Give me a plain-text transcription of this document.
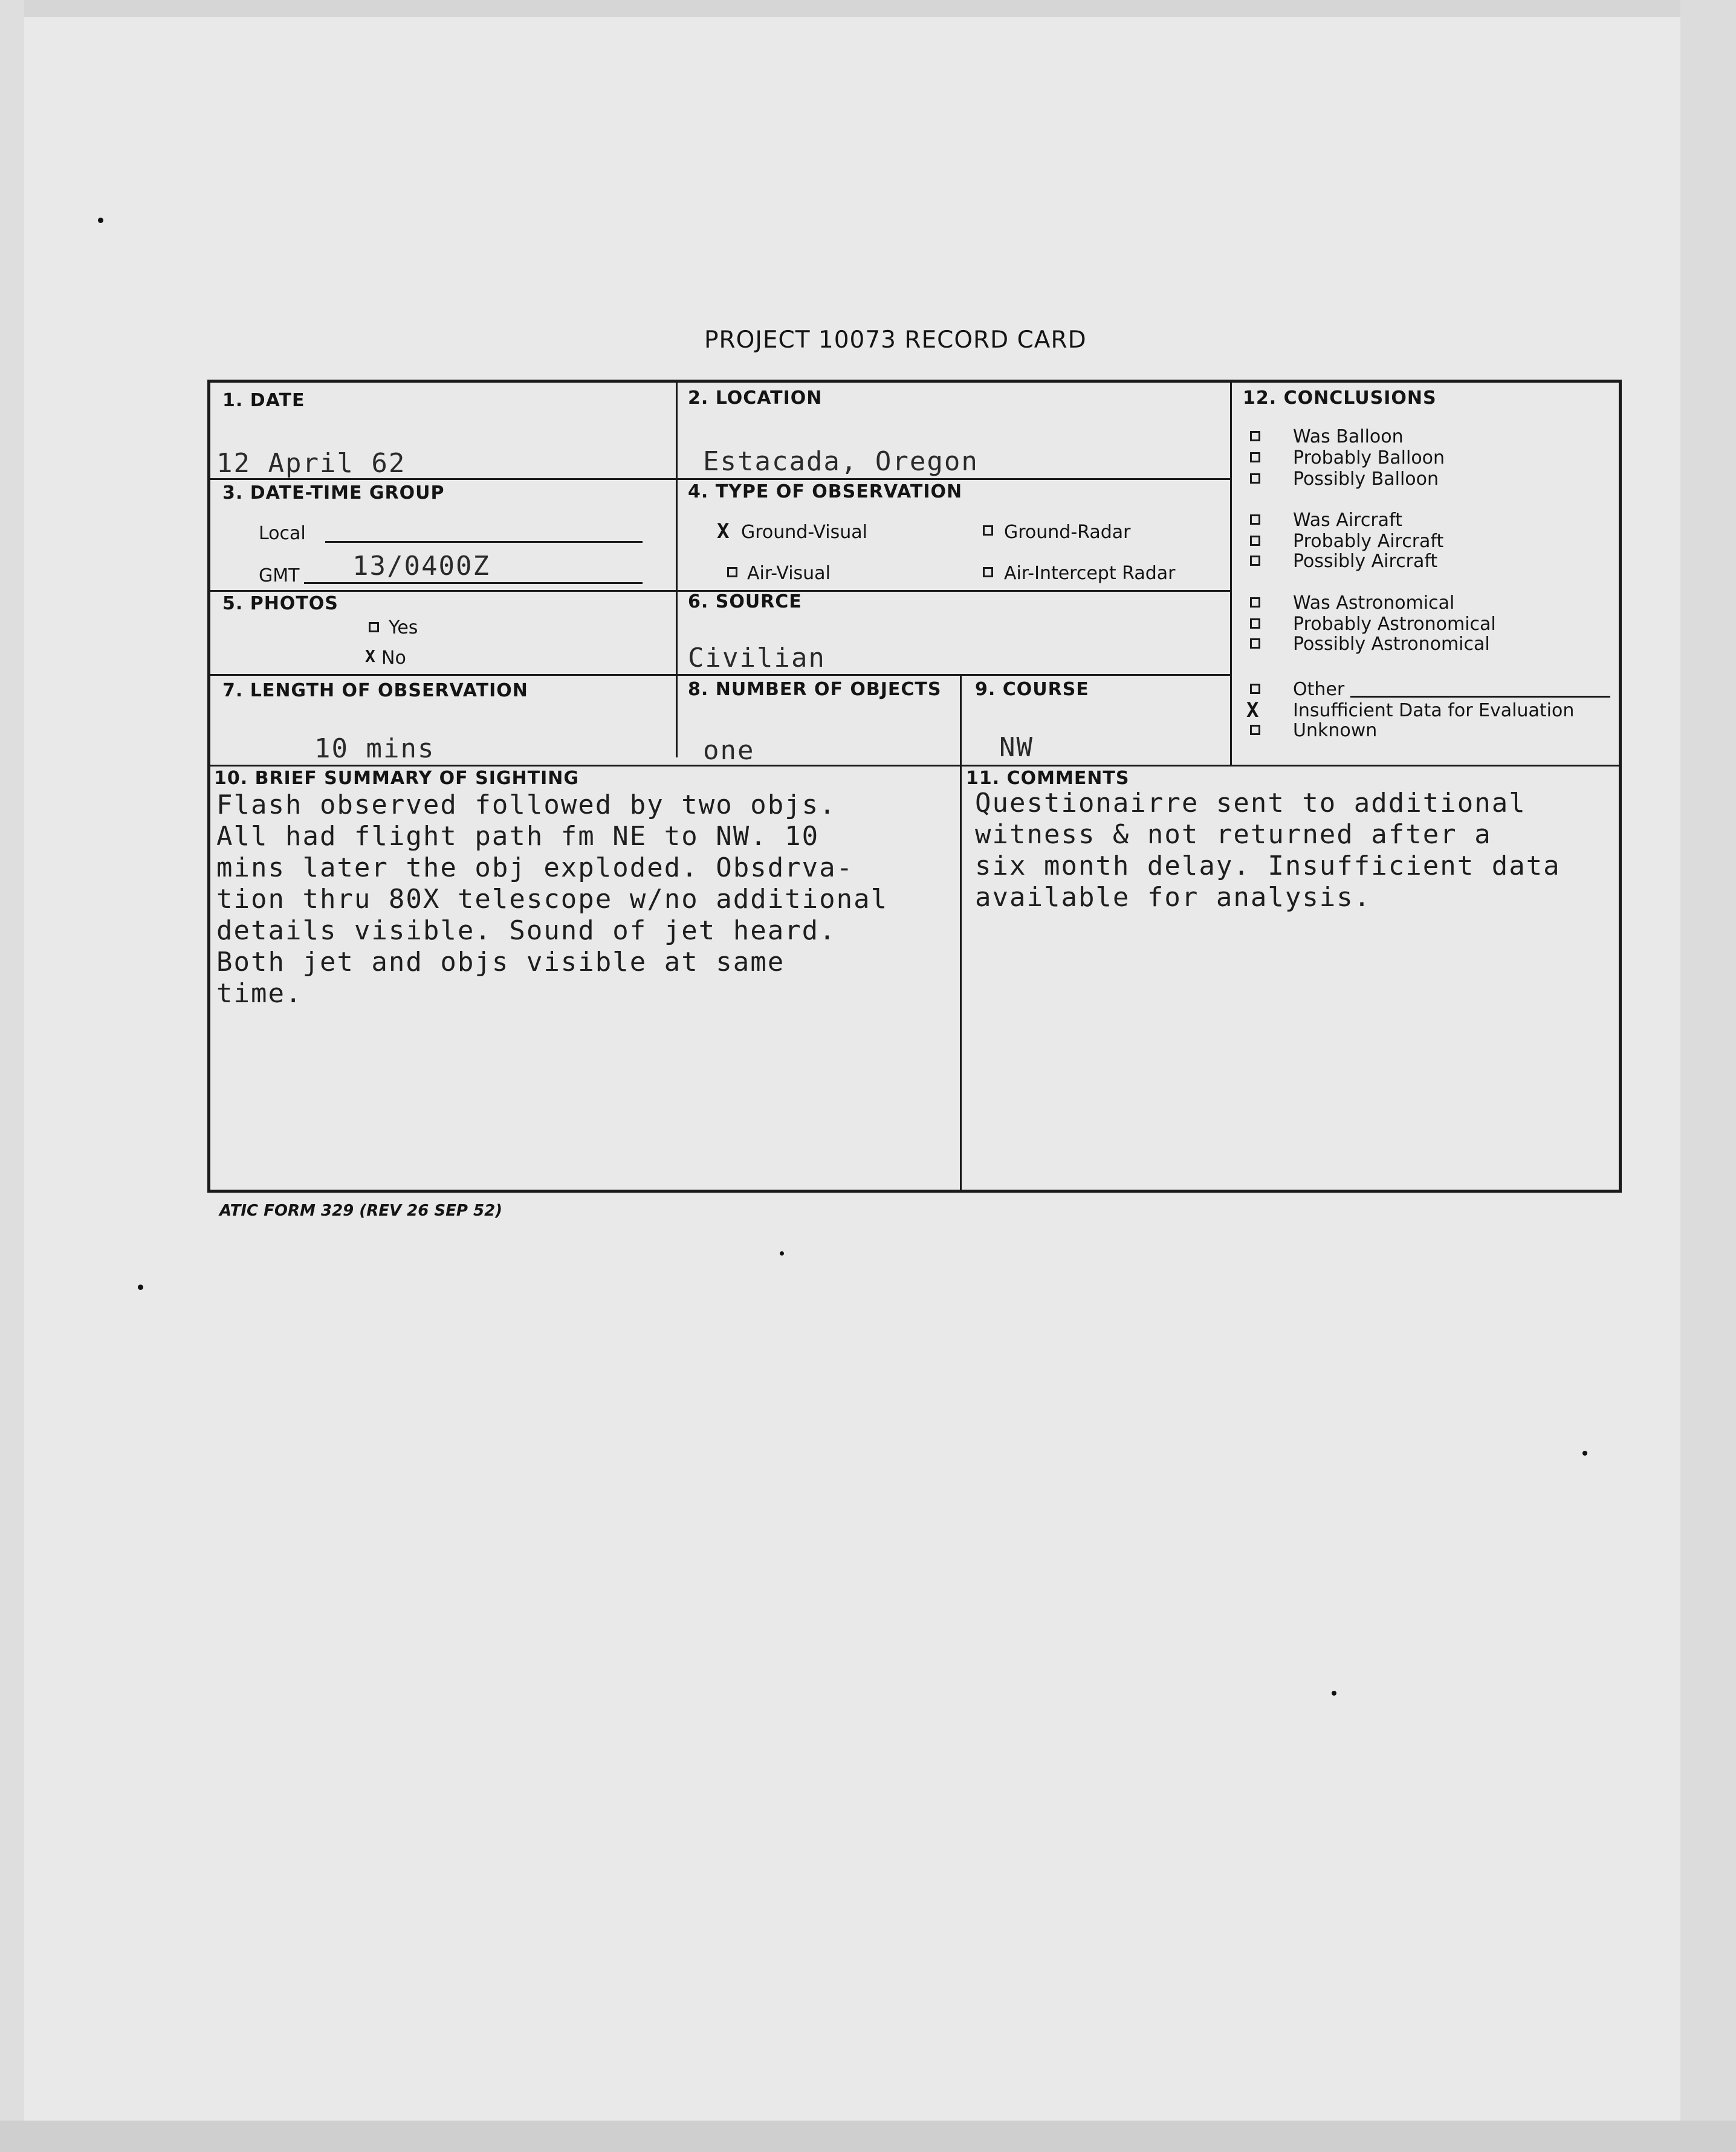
PROJECT 10073 RECORD CARD
1. DATE
12 April 62
2. LOCATION
Estacada, Oregon
3. DATE-TIME GROUP
Local
GMT 13/0400Z
4. TYPE OF OBSERVATION
X Ground-Visual	Ground-Radar
Air-Visual	Air-Intercept Radar
5. PHOTOS
Yes
X No
6. SOURCE
Civilian
7. LENGTH OF OBSERVATION
10 mins
8. NUMBER OF OBJECTS
one
9. COURSE
NW
12. CONCLUSIONS
Was Balloon
Probably Balloon
Possibly Balloon
Was Aircraft
Probably Aircraft
Possibly Aircraft
Was Astronomical
Probably Astronomical
Possibly Astronomical
Other
X Insufficient Data for Evaluation
Unknown
10. BRIEF SUMMARY OF SIGHTING
Flash observed followed by two objs.
All had flight path fm NE to NW. 10
mins later the obj exploded. Obsdrva-
tion thru 80X telescope w/no additional
details visible. Sound of jet heard.
Both jet and objs visible at same
time.
11. COMMENTS
Questionairre sent to additional
witness & not returned after a
six month delay. Insufficient data
available for analysis.
ATIC FORM 329 (REV 26 SEP 52)
